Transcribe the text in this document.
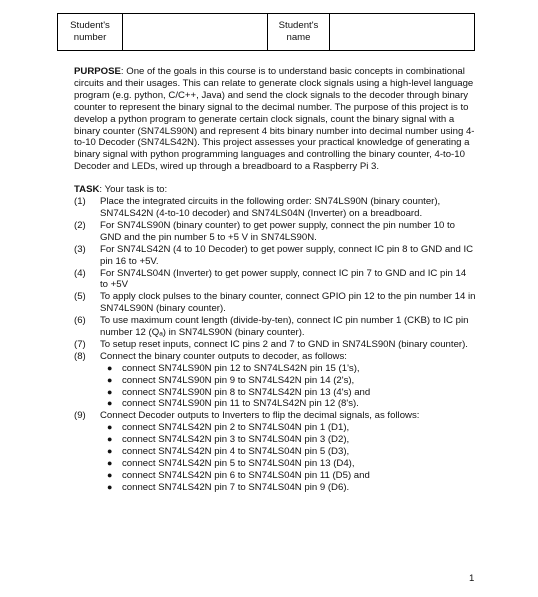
Student's number
Student's name

PURPOSE: One of the goals in this course is to understand basic concepts in combinational circuits and their usages. This can relate to generate clock signals using a high-level language program (e.g. python, C/C++, Java) and send the clock signals to the decoder through binary counter to represent the binary signal to the decimal number. The purpose of this project is to develop a python program to generate certain clock signals, count the binary signal with a binary counter (SN74LS90N) and represent 4 bits binary number into decimal number using 4-to-10 Decoder (SN74LS42N). This project assesses your practical knowledge of generating a binary signal with python programming languages and controlling the binary counter, 4-to-10 Decoder and LEDs, wired up through a breadboard to a Raspberry Pi 3.

TASK: Your task is to:

(1) Place the integrated circuits in the following order: SN74LS90N (binary counter), SN74LS42N (4-to-10 decoder) and SN74LS04N (Inverter) on a breadboard.
(2) For SN74LS90N (binary counter) to get power supply, connect the pin number 10 to GND and the pin number 5 to +5 V in SN74LS90N.
(3) For SN74LS42N (4 to 10 Decoder) to get power supply, connect IC pin 8 to GND and IC pin 16 to +5V.
(4) For SN74LS04N (Inverter) to get power supply, connect IC pin 7 to GND and IC pin 14 to +5V
(5) To apply clock pulses to the binary counter, connect GPIO pin 12 to the pin number 14 in SN74LS90N (binary counter).
(6) To use maximum count length (divide-by-ten), connect IC pin number 1 (CKB) to IC pin number 12 (Qₐ) in SN74LS90N (binary counter).
(7) To setup reset inputs, connect IC pins 2 and 7 to GND in SN74LS90N (binary counter).
(8) Connect the binary counter outputs to decoder, as follows:
● connect SN74LS90N pin 12 to SN74LS42N pin 15 (1's),
● connect SN74LS90N pin 9 to SN74LS42N pin 14 (2's),
● connect SN74LS90N pin 8 to SN74LS42N pin 13 (4's) and
● connect SN74LS90N pin 11 to SN74LS42N pin 12 (8's).
(9) Connect Decoder outputs to Inverters to flip the decimal signals, as follows:
● connect SN74LS42N pin 2 to SN74LS04N pin 1 (D1),
● connect SN74LS42N pin 3 to SN74LS04N pin 3 (D2),
● connect SN74LS42N pin 4 to SN74LS04N pin 5 (D3),
● connect SN74LS42N pin 5 to SN74LS04N pin 13 (D4),
● connect SN74LS42N pin 6 to SN74LS04N pin 11 (D5) and
● connect SN74LS42N pin 7 to SN74LS04N pin 9 (D6).
1
